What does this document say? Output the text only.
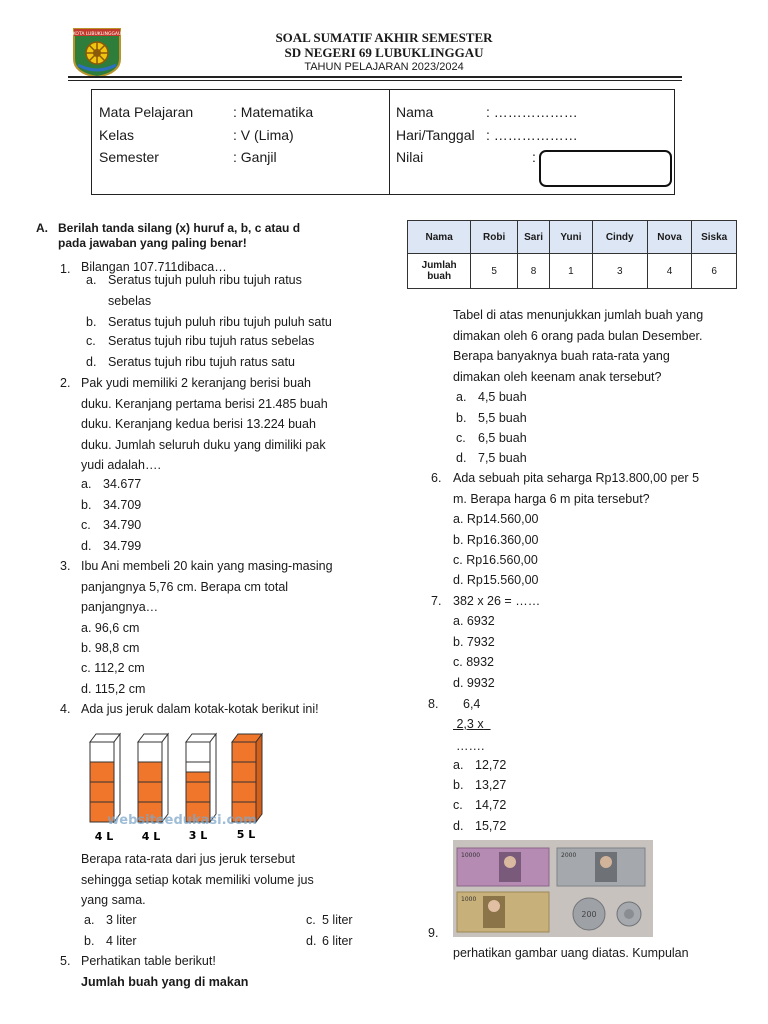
KOTA LUBUKLINGGAU	SOAL SUMATIF AKHIR SEMESTER
SD NEGERI 69 LUBUKLINGGAU
TAHUN PELAJARAN 2023/2024
Mata Pelajaran	: Matematika
Kelas	: V (Lima)
Semester	: Ganjil
Nama	: ………………
Hari/Tanggal : ………………
Nilai	:
A. Berilah tanda silang (x) huruf a, b, c atau d
pada jawaban yang paling benar!
1. Bilangan 107.711dibaca…
a. Seratus tujuh puluh ribu tujuh ratus
sebelas
b. Seratus tujuh puluh ribu tujuh puluh satu
c. Seratus tujuh ribu tujuh ratus sebelas
d. Seratus tujuh ribu tujuh ratus satu
2. Pak yudi memiliki 2 keranjang berisi buah
duku. Keranjang pertama berisi 21.485 buah
duku. Keranjang kedua berisi 13.224 buah
duku. Jumlah seluruh duku yang dimiliki pak
yudi adalah….
a. 34.677
b. 34.709
c. 34.790
d. 34.799
3. Ibu Ani membeli 20 kain yang masing-masing
panjangnya 5,76 cm. Berapa cm total
panjangnya…
a. 96,6 cm
b. 98,8 cm
c. 112,2 cm
d. 115,2 cm
4. Ada jus jeruk dalam kotak-kotak berikut ini!
websiteedukasi.com
4 L	4 L	3 L	5 L
Berapa rata-rata dari jus jeruk tersebut
sehingga setiap kotak memiliki volume jus
yang sama.
a. 3 liter
b. 4 liter
c. 5 liter
d. 6 liter
5. Perhatikan table berikut!
Jumlah buah yang di makan
Nama	Robi	Sari	Yuni	Cindy	Nova	Siska

Jumlah
buah	5	8	1	3	4	6
Tabel di atas menunjukkan jumlah buah yang
dimakan oleh 6 orang pada bulan Desember.
Berapa banyaknya buah rata-rata yang
dimakan oleh keenam anak tersebut?
a. 4,5 buah
b. 5,5 buah
c. 6,5 buah
d. 7,5 buah
6. Ada sebuah pita seharga Rp13.800,00 per 5
m. Berapa harga 6 m pita tersebut?
a. Rp14.560,00
b. Rp16.360,00
c. Rp16.560,00
d. Rp15.560,00
7. 382 x 26 = ……
a. 6932
b. 7932
c. 8932
d. 9932
8. 6,4
2,3 x
…….
a. 12,72
b. 13,27
c. 14,72
d. 15,72
10000	2000
1000
200
9.
perhatikan gambar uang diatas. Kumpulan
